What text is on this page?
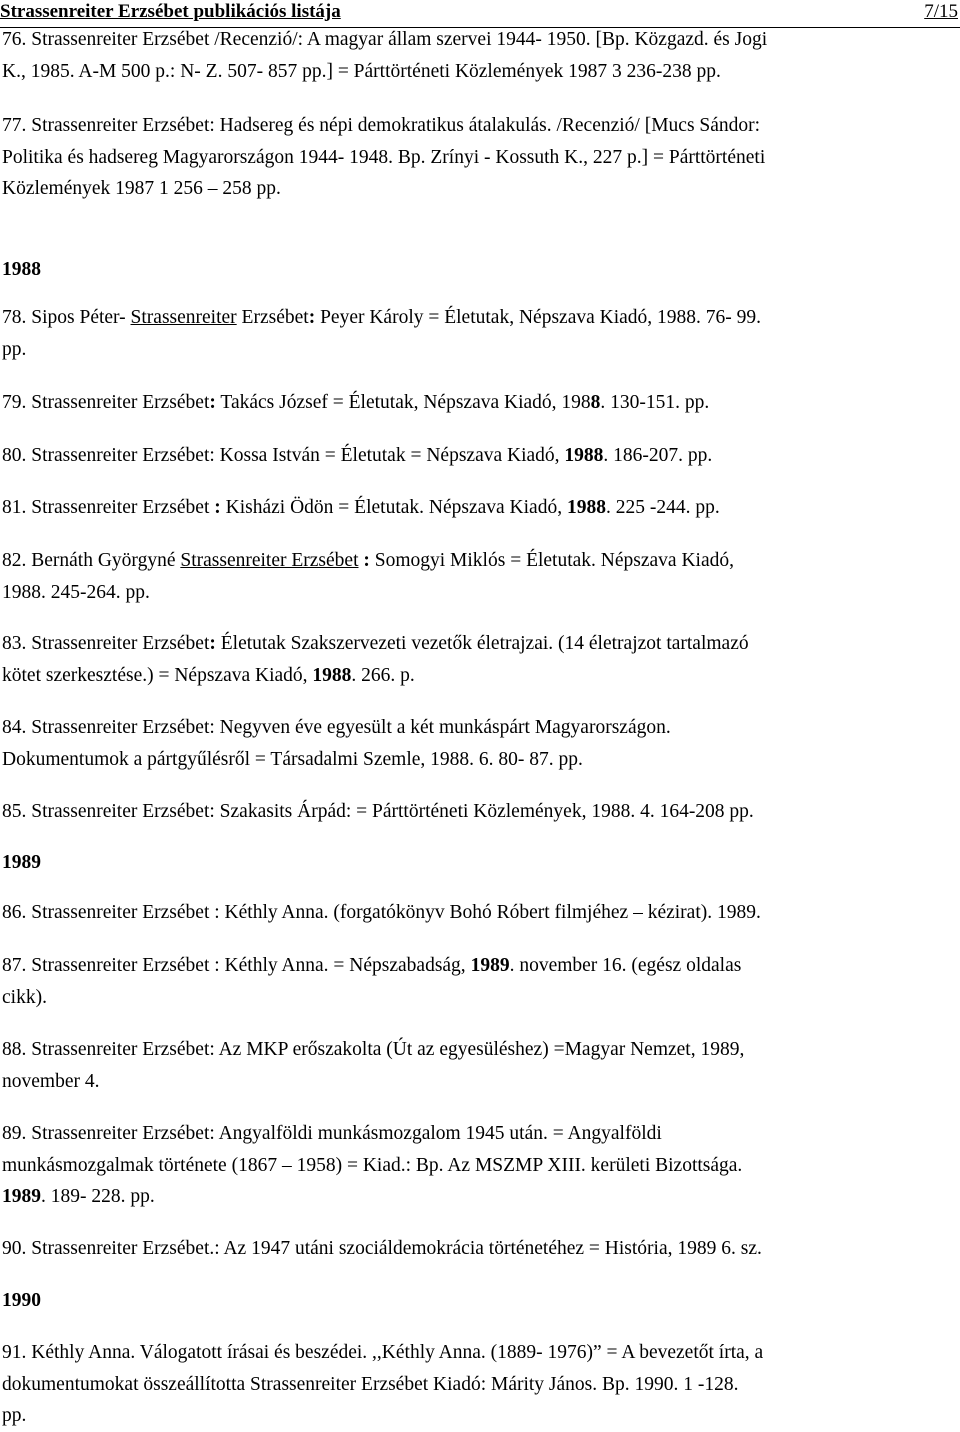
Strassenreiter Erzsébet publikációs listája	7/15
76. Strassenreiter Erzsébet /Recenzió/: A magyar állam szervei 1944- 1950. [Bp. Közgazd. és Jogi
K., 1985. A-M 500 p.: N- Z. 507- 857 pp.] = Párttörténeti Közlemények 1987 3 236-238 pp.
77. Strassenreiter Erzsébet: Hadsereg és népi demokratikus átalakulás. /Recenzió/ [Mucs Sándor:
Politika és hadsereg Magyarországon 1944- 1948. Bp. Zrínyi - Kossuth K., 227 p.] = Párttörténeti
Közlemények 1987 1 256 – 258 pp.
1988
78. Sipos Péter- Strassenreiter Erzsébet: Peyer Károly = Életutak, Népszava Kiadó, 1988. 76- 99.
pp.
79. Strassenreiter Erzsébet: Takács József = Életutak, Népszava Kiadó, 1988. 130-151. pp.
80. Strassenreiter Erzsébet: Kossa István = Életutak = Népszava Kiadó, 1988. 186-207. pp.
81. Strassenreiter Erzsébet : Kisházi Ödön = Életutak. Népszava Kiadó, 1988. 225 -244. pp.
82. Bernáth Györgyné Strassenreiter Erzsébet : Somogyi Miklós = Életutak. Népszava Kiadó,
1988. 245-264. pp.
83. Strassenreiter Erzsébet: Életutak Szakszervezeti vezetők életrajzai. (14 életrajzot tartalmazó
kötet szerkesztése.) = Népszava Kiadó, 1988. 266. p.
84. Strassenreiter Erzsébet: Negyven éve egyesült a két munkáspárt Magyarországon.
Dokumentumok a pártgyűlésről = Társadalmi Szemle, 1988. 6. 80- 87. pp.
85. Strassenreiter Erzsébet: Szakasits Árpád: = Párttörténeti Közlemények, 1988. 4. 164-208 pp.
1989
86. Strassenreiter Erzsébet : Kéthly Anna. (forgatókönyv Bohó Róbert filmjéhez – kézirat). 1989.
87. Strassenreiter Erzsébet : Kéthly Anna. = Népszabadság, 1989. november 16. (egész oldalas
cikk).
88. Strassenreiter Erzsébet: Az MKP erőszakolta (Út az egyesüléshez) =Magyar Nemzet, 1989,
november 4.
89. Strassenreiter Erzsébet: Angyalföldi munkásmozgalom 1945 után. = Angyalföldi
munkásmozgalmak története (1867 – 1958) = Kiad.: Bp. Az MSZMP XIII. kerületi Bizottsága.
1989. 189- 228. pp.
90. Strassenreiter Erzsébet.: Az 1947 utáni szociáldemokrácia történetéhez = História, 1989 6. sz.
1990
91. Kéthly Anna. Válogatott írásai és beszédei. ,,Kéthly Anna. (1889- 1976)” = A bevezetőt írta, a
dokumentumokat összeállította Strassenreiter Erzsébet Kiadó: Márity János. Bp. 1990. 1 -128.
pp.
